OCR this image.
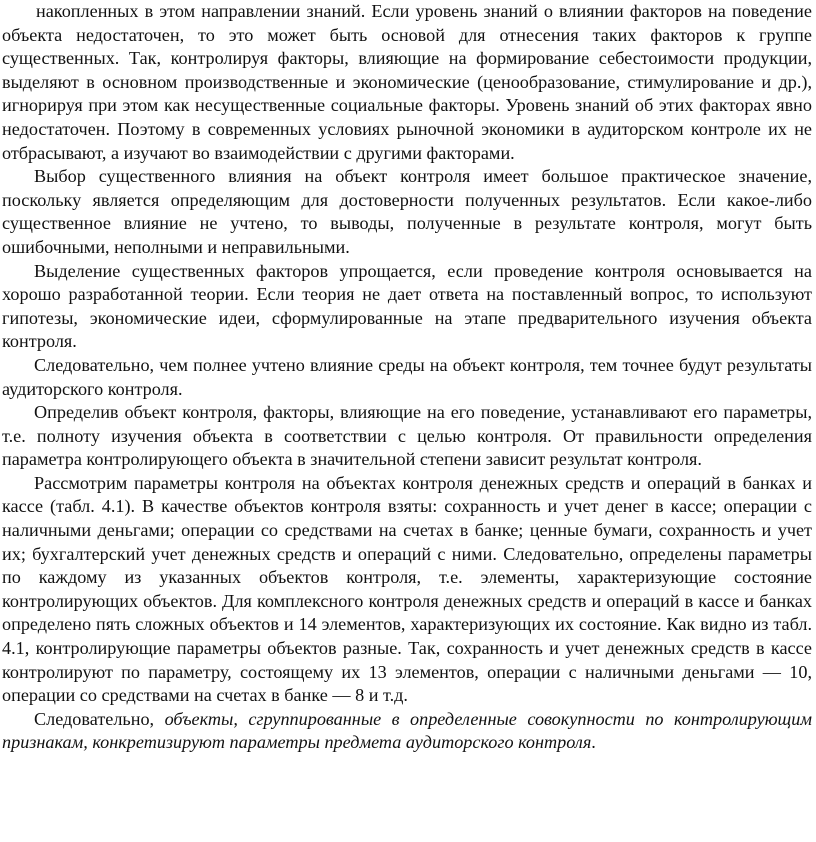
накопленных в этом направлении знаний. Если уровень знаний о влиянии факторов на поведение объекта недостаточен, то это может быть основой для отнесения таких факторов к группе существенных. Так, контролируя факторы, влияющие на формирование себестоимости продукции, выделяют в основном производственные и экономические (ценообразование, стимулирование и др.), игнорируя при этом как несущественные социальные факторы. Уровень знаний об этих факторах явно недостаточен. Поэтому в современных условиях рыночной экономики в аудиторском контроле их не отбрасывают, а изучают во взаимодействии с другими факторами.

Выбор существенного влияния на объект контроля имеет большое практическое значение, поскольку является определяющим для достоверности полученных результатов. Если какое-либо существенное влияние не учтено, то выводы, полученные в результате контроля, могут быть ошибочными, неполными и неправильными.

Выделение существенных факторов упрощается, если проведение контроля основывается на хорошо разработанной теории. Если теория не дает ответа на поставленный вопрос, то используют гипотезы, экономические идеи, сформулированные на этапе предварительного изучения объекта контроля.

Следовательно, чем полнее учтено влияние среды на объект контроля, тем точнее будут результаты аудиторского контроля.

Определив объект контроля, факторы, влияющие на его поведение, устанавливают его параметры, т.е. полноту изучения объекта в соответствии с целью контроля. От правильности определения параметра контролирующего объекта в значительной степени зависит результат контроля.

Рассмотрим параметры контроля на объектах контроля денежных средств и операций в банках и кассе (табл. 4.1). В качестве объектов контроля взяты: сохранность и учет денег в кассе; операции с наличными деньгами; операции со средствами на счетах в банке; ценные бумаги, сохранность и учет их; бухгалтерский учет денежных средств и операций с ними. Следовательно, определены параметры по каждому из указанных объектов контроля, т.е. элементы, характеризующие состояние контролирующих объектов. Для комплексного контроля денежных средств и операций в кассе и банках определено пять сложных объектов и 14 элементов, характеризующих их состояние. Как видно из табл. 4.1, контролирующие параметры объектов разные. Так, сохранность и учет денежных средств в кассе контролируют по параметру, состоящему их 13 элементов, операции с наличными деньгами — 10, операции со средствами на счетах в банке — 8 и т.д.

Следовательно, объекты, сгруппированные в определенные совокупности по контролирующим признакам, конкретизируют параметры предмета аудиторского контроля.
